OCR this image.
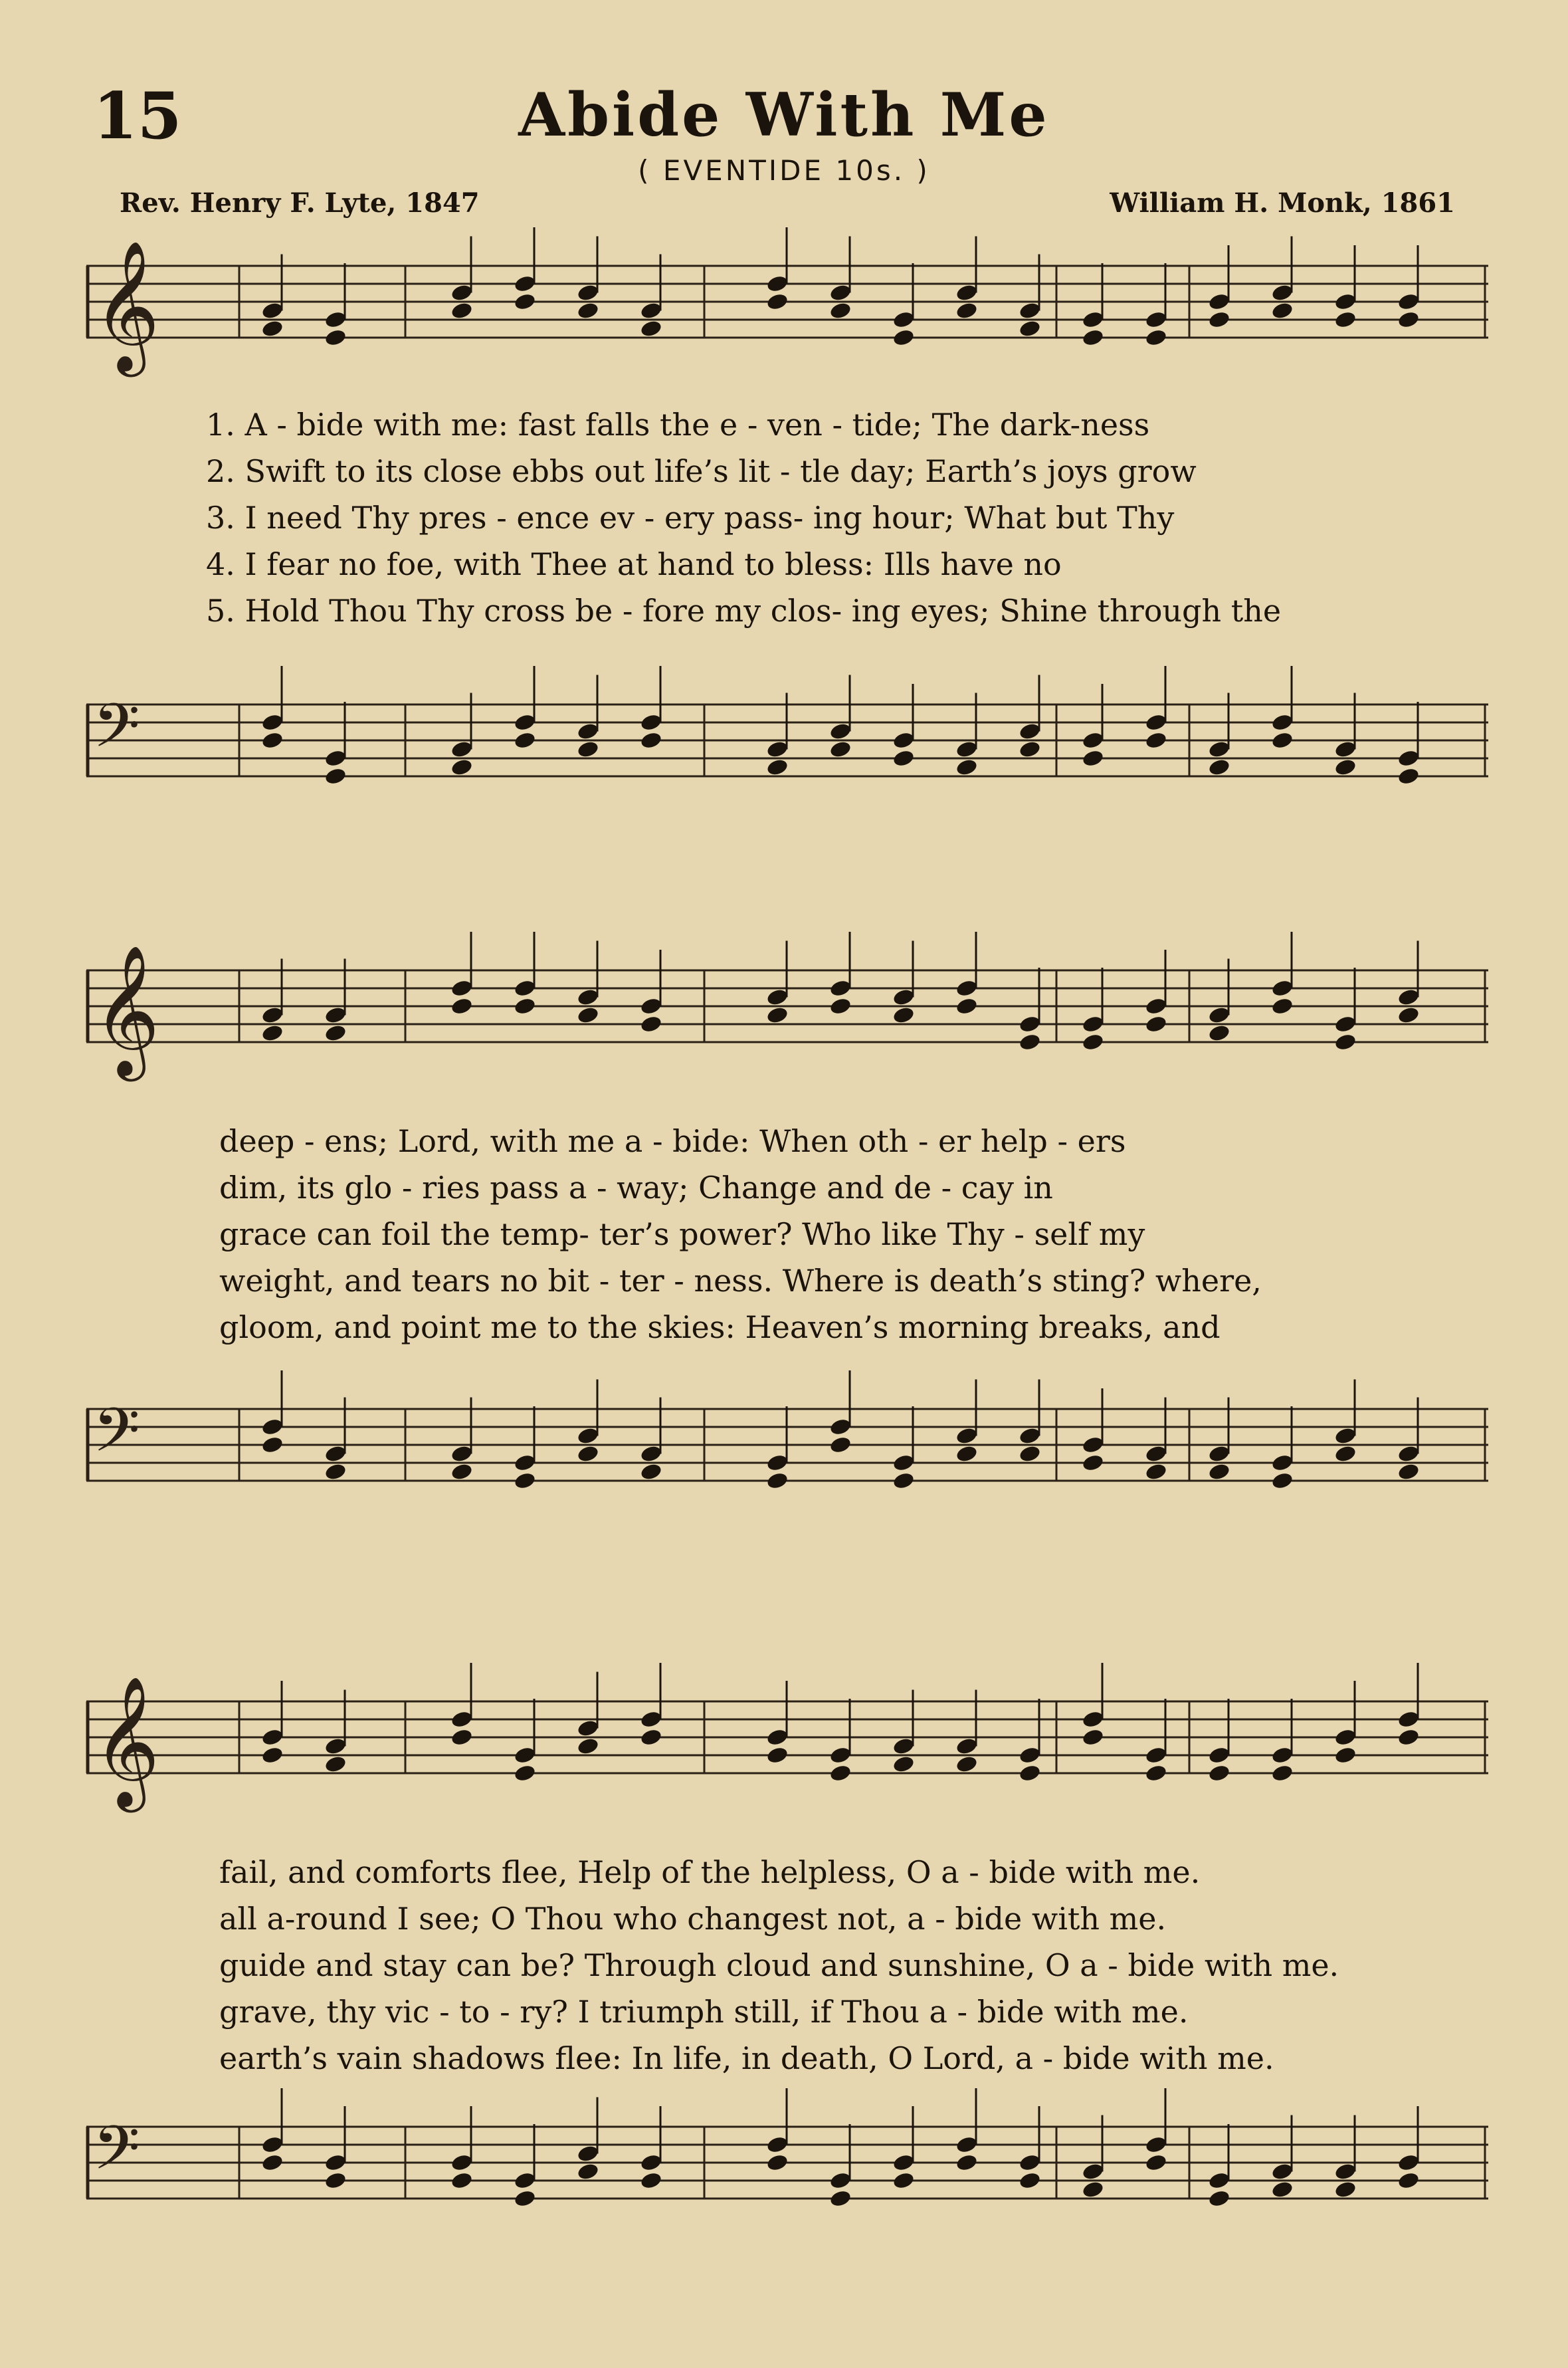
15	Abide With Me
( EVENTIDE 10s. )
Rev. Henry F. Lyte, 1847	William H. Monk, 1861
𝄞
1. A - bide with me: fast falls the e - ven - tide; The dark-ness
2. Swift to its close ebbs out life’s lit - tle day; Earth’s joys grow
3. I need Thy pres - ence ev - ery pass- ing hour; What but Thy
4. I fear no foe, with Thee at hand to bless: Ills have no
5. Hold Thou Thy cross be - fore my clos- ing eyes; Shine through the
𝄢
𝄞
deep - ens; Lord, with me a - bide: When oth - er help - ers
dim, its glo - ries pass a - way; Change and de - cay in
grace can foil the temp- ter’s power? Who like Thy - self my
weight, and tears no bit - ter - ness. Where is death’s sting? where,
gloom, and point me to the skies: Heaven’s morning breaks, and
𝄢
𝄞
fail, and comforts flee, Help of the helpless, O a - bide with me.
all a-round I see; O Thou who changest not, a - bide with me.
guide and stay can be? Through cloud and sunshine, O a - bide with me.
grave, thy vic - to - ry? I triumph still, if Thou a - bide with me.
earth’s vain shadows flee: In life, in death, O Lord, a - bide with me.
𝄢
